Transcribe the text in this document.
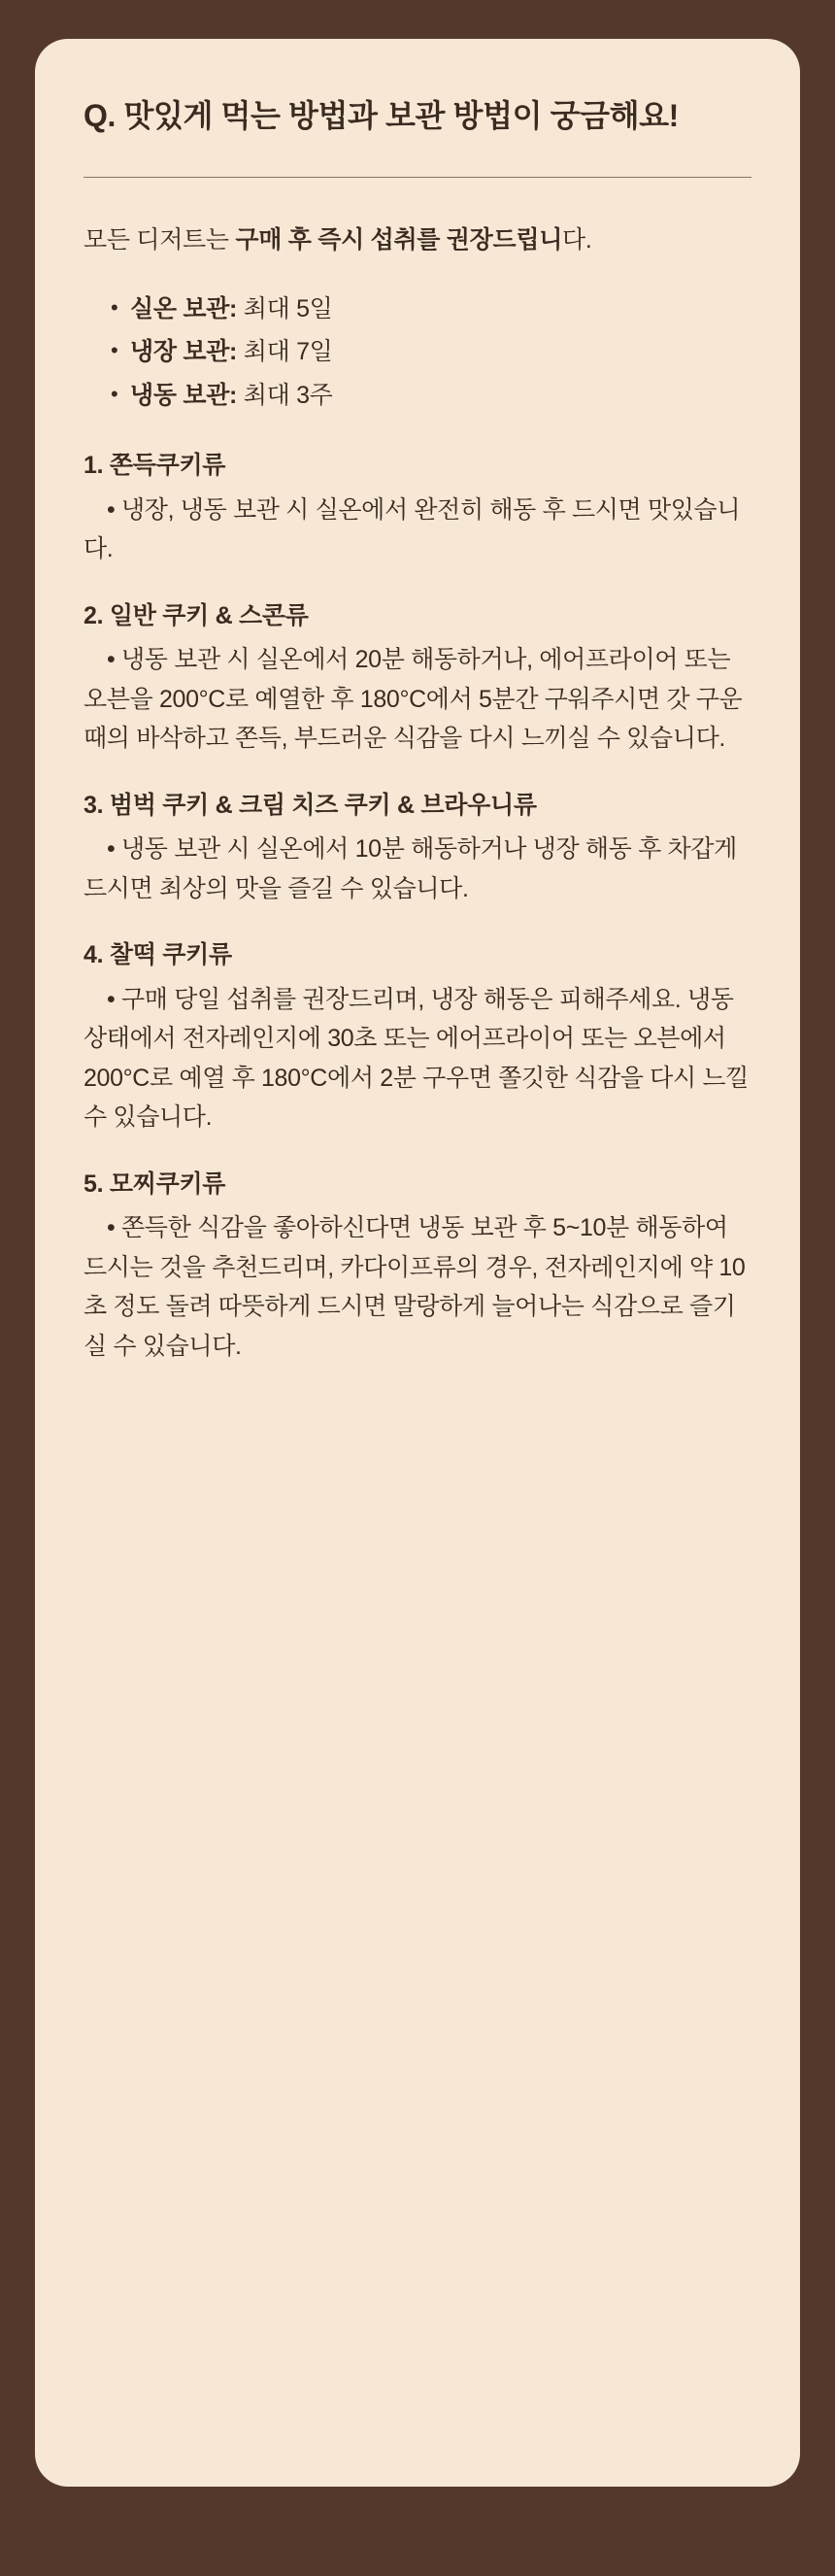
Q. 맛있게 먹는 방법과 보관 방법이 궁금해요!

모든 디저트는 구매 후 즉시 섭취를 권장드립니다.

• 실온 보관: 최대 5일
• 냉장 보관: 최대 7일
• 냉동 보관: 최대 3주

1. 쫀득쿠키류

• 냉장, 냉동 보관 시 실온에서 완전히 해동 후 드시면 맛있습니다.

2. 일반 쿠키 & 스콘류

• 냉동 보관 시 실온에서 20분 해동하거나, 에어프라이어 또는 오븐을 200°C로 예열한 후 180°C에서 5분간 구워주시면 갓 구운 때의 바삭하고 쫀득, 부드러운 식감을 다시 느끼실 수 있습니다.

3. 범벅 쿠키 & 크림 치즈 쿠키 & 브라우니류

• 냉동 보관 시 실온에서 10분 해동하거나 냉장 해동 후 차갑게 드시면 최상의 맛을 즐길 수 있습니다.

4. 찰떡 쿠키류

• 구매 당일 섭취를 권장드리며, 냉장 해동은 피해주세요. 냉동 상태에서 전자레인지에 30초 또는 에어프라이어 또는 오븐에서 200°C로 예열 후 180°C에서 2분 구우면 쫄깃한 식감을 다시 느낄 수 있습니다.

5. 모찌쿠키류

• 쫀득한 식감을 좋아하신다면 냉동 보관 후 5~10분 해동하여 드시는 것을 추천드리며, 카다이프류의 경우, 전자레인지에 약 10초 정도 돌려 따뜻하게 드시면 말랑하게 늘어나는 식감으로 즐기실 수 있습니다.
